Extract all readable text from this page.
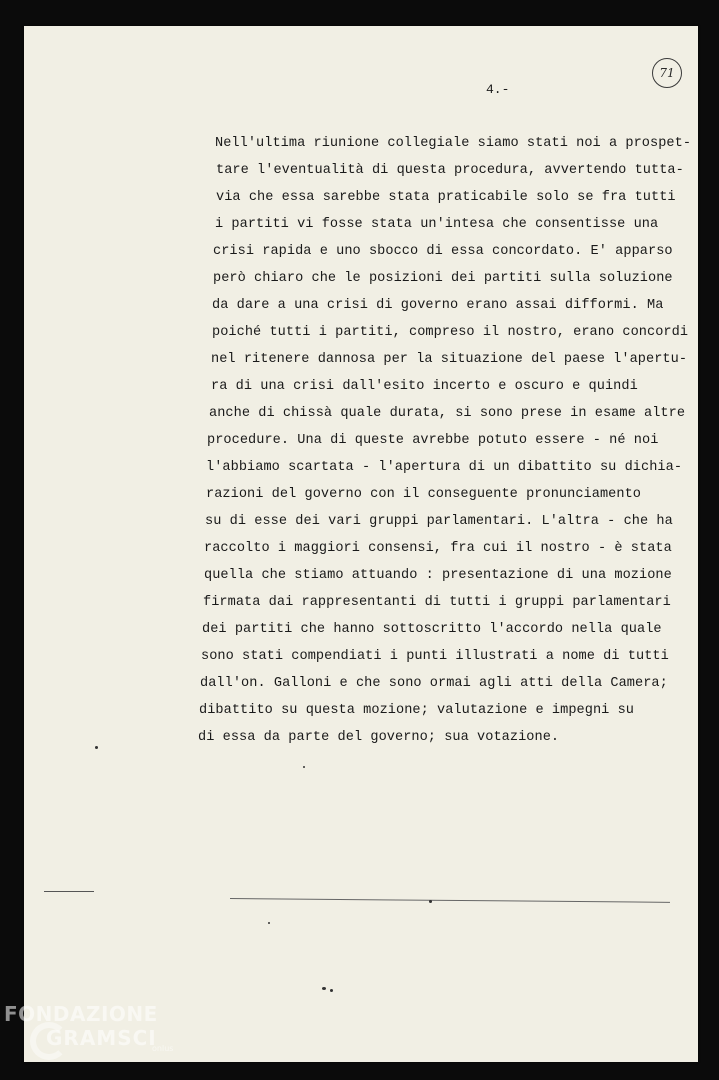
4.-
71
Nell'ultima riunione collegiale siamo stati noi a prospet-
tare l'eventualità di questa procedura, avvertendo tutta-
via che essa sarebbe stata praticabile solo se fra tutti
i partiti vi fosse stata un'intesa che consentisse una
crisi rapida e uno sbocco di essa concordato. E' apparso
però chiaro che le posizioni dei partiti sulla soluzione
da dare a una crisi di governo erano assai difformi. Ma
poiché tutti i partiti, compreso il nostro, erano concordi
nel ritenere dannosa per la situazione del paese l'apertu-
ra di una crisi dall'esito incerto e oscuro e quindi
anche di chissà quale durata, si sono prese in esame altre
procedure. Una di queste avrebbe potuto essere - né noi
l'abbiamo scartata - l'apertura di un dibattito su dichia-
razioni del governo con il conseguente pronunciamento
su di esse dei vari gruppi parlamentari. L'altra - che ha
raccolto i maggiori consensi, fra cui il nostro - è stata
quella che stiamo attuando : presentazione di una mozione
firmata dai rappresentanti di tutti i gruppi parlamentari
dei partiti che hanno sottoscritto l'accordo nella quale
sono stati compendiati i punti illustrati a nome di tutti
dall'on. Galloni e che sono ormai agli atti della Camera;
dibattito su questa mozione; valutazione e impegni su
di essa da parte del governo; sua votazione.
FONDAZIONE
GRAMSCI
onlus
